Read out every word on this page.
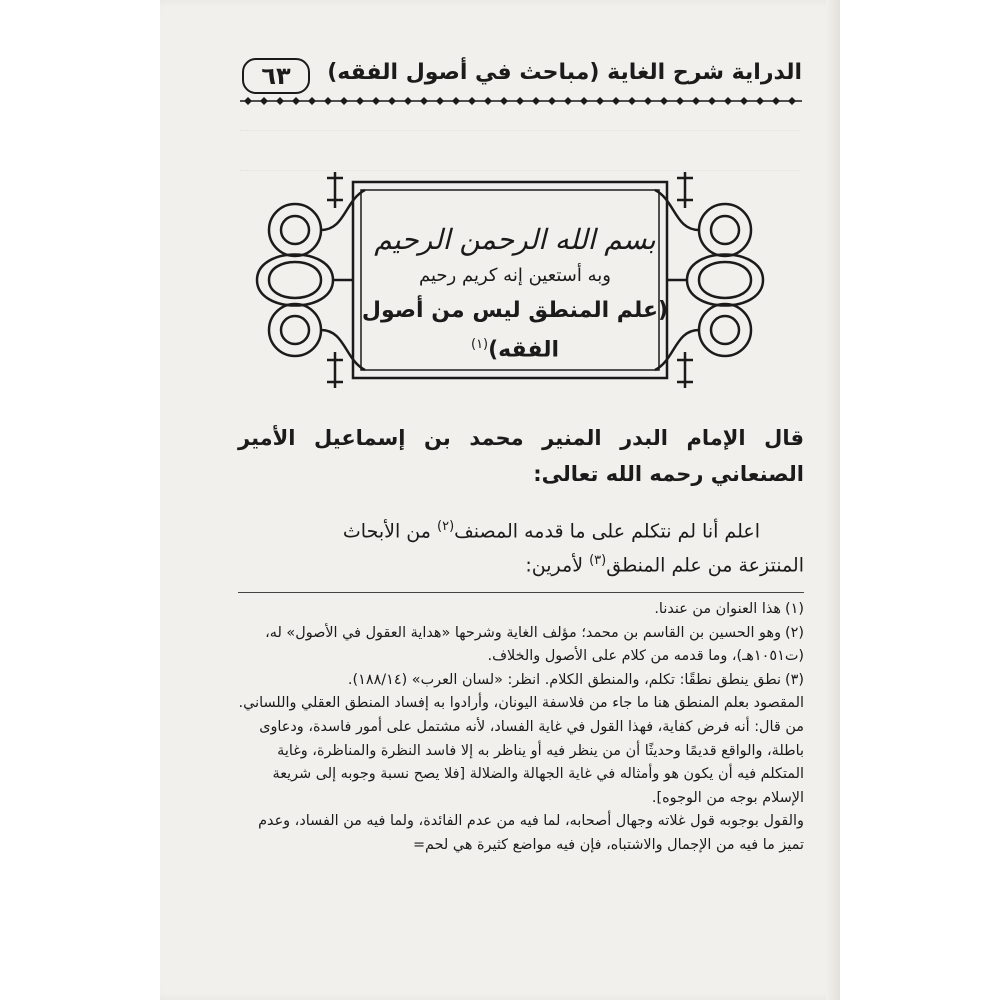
٦٣	الدراية شرح الغاية (مباحث في أصول الفقه)
بسم الله الرحمن الرحيم
وبه أستعين إنه كريم رحيم
(علم المنطق ليس من أصول الفقه)$^{(١)}$
قال الإمام البدر المنير محمد بن إسماعيل الأمير الصنعاني رحمه الله تعالى:

اعلم أنا لم نتكلم على ما قدمه المصنف$^{(٢)}$ من الأبحاث

المنتزعة من علم المنطق$^{(٣)}$ لأمرين:

(١)هذا العنوان من عندنا.

(٢)وهو الحسين بن القاسم بن محمد؛ مؤلف الغاية وشرحها «هداية العقول في الأصول» له، (ت١٠٥١هـ)، وما قدمه من كلام على الأصول والخلاف.

(٣)نطق ينطق نطقًا: تكلم، والمنطق الكلام. انظر: «لسان العرب» (١٨٨/١٤).

المقصود بعلم المنطق هنا ما جاء من فلاسفة اليونان، وأرادوا به إفساد المنطق العقلي واللساني.

من قال: أنه فرض كفاية، فهذا القول في غاية الفساد، لأنه مشتمل على أمور فاسدة، ودعاوى باطلة، والواقع قديمًا وحديثًا أن من ينظر فيه أو يناظر به إلا فاسد النظرة والمناظرة، وغاية المتكلم فيه أن يكون هو وأمثاله في غاية الجهالة والضلالة [فلا يصح نسبة وجوبه إلى شريعة الإسلام بوجه من الوجوه].

والقول بوجوبه قول غلاته وجهال أصحابه، لما فيه من عدم الفائدة، ولما فيه من الفساد، وعدم تميز ما فيه من الإجمال والاشتباه، فإن فيه مواضع كثيرة هي لحم=
